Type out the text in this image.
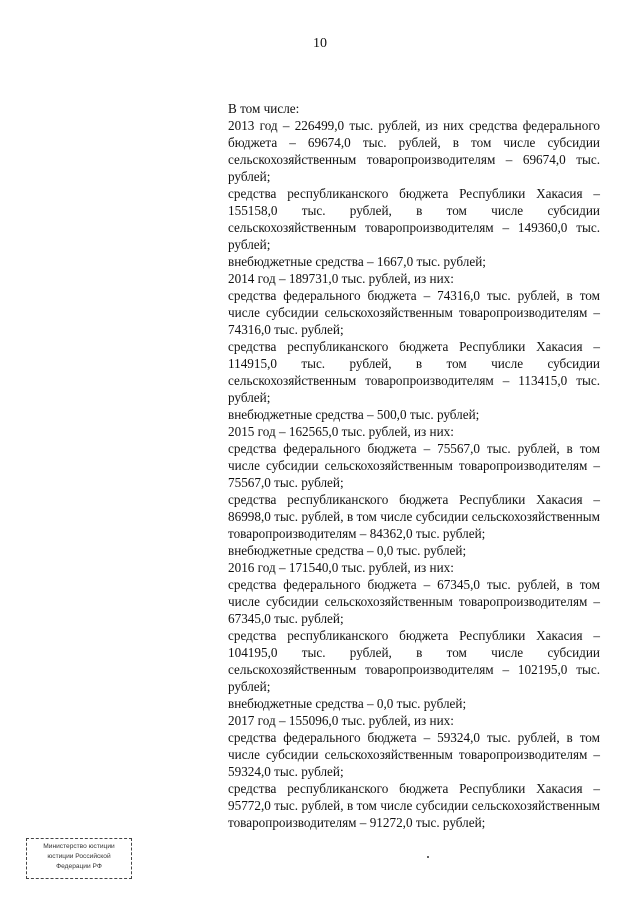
10

В том числе:

2013 год – 226499,0 тыс. рублей, из них средства федерального бюджета – 69674,0 тыс. рублей, в том числе субсидии сельскохозяйственным товаропроизводителям – 69674,0 тыс. рублей;

средства республиканского бюджета Республики Хакасия – 155158,0 тыс. рублей, в том числе субсидии сельскохозяйственным товаропроизводителям – 149360,0 тыс. рублей;

внебюджетные средства – 1667,0 тыс. рублей;

2014 год – 189731,0 тыс. рублей, из них:

средства федерального бюджета – 74316,0 тыс. рублей, в том числе субсидии сельскохозяйственным товаропроизводителям – 74316,0 тыс. рублей;

средства республиканского бюджета Республики Хакасия – 114915,0 тыс. рублей, в том числе субсидии сельскохозяйственным товаропроизводителям – 113415,0 тыс. рублей;

внебюджетные средства – 500,0 тыс. рублей;

2015 год – 162565,0 тыс. рублей, из них:

средства федерального бюджета – 75567,0 тыс. рублей, в том числе субсидии сельскохозяйственным товаропроизводителям – 75567,0 тыс. рублей;

средства республиканского бюджета Республики Хакасия – 86998,0 тыс. рублей, в том числе субсидии сельскохозяйственным товаропроизводителям – 84362,0 тыс. рублей;

внебюджетные средства – 0,0 тыс. рублей;

2016 год – 171540,0 тыс. рублей, из них:

средства федерального бюджета – 67345,0 тыс. рублей, в том числе субсидии сельскохозяйственным товаропроизводителям – 67345,0 тыс. рублей;

средства республиканского бюджета Республики Хакасия – 104195,0 тыс. рублей, в том числе субсидии сельскохозяйственным товаропроизводителям – 102195,0 тыс. рублей;

внебюджетные средства – 0,0 тыс. рублей;

2017 год – 155096,0 тыс. рублей, из них:

средства федерального бюджета – 59324,0 тыс. рублей, в том числе субсидии сельскохозяйственным товаропроизводителям – 59324,0 тыс. рублей;

средства республиканского бюджета Республики Хакасия – 95772,0 тыс. рублей, в том числе субсидии сельскохозяйственным товаропроизводителям – 91272,0 тыс. рублей;

Министерство юстиции
юстиции Российской
Федерации РФ
